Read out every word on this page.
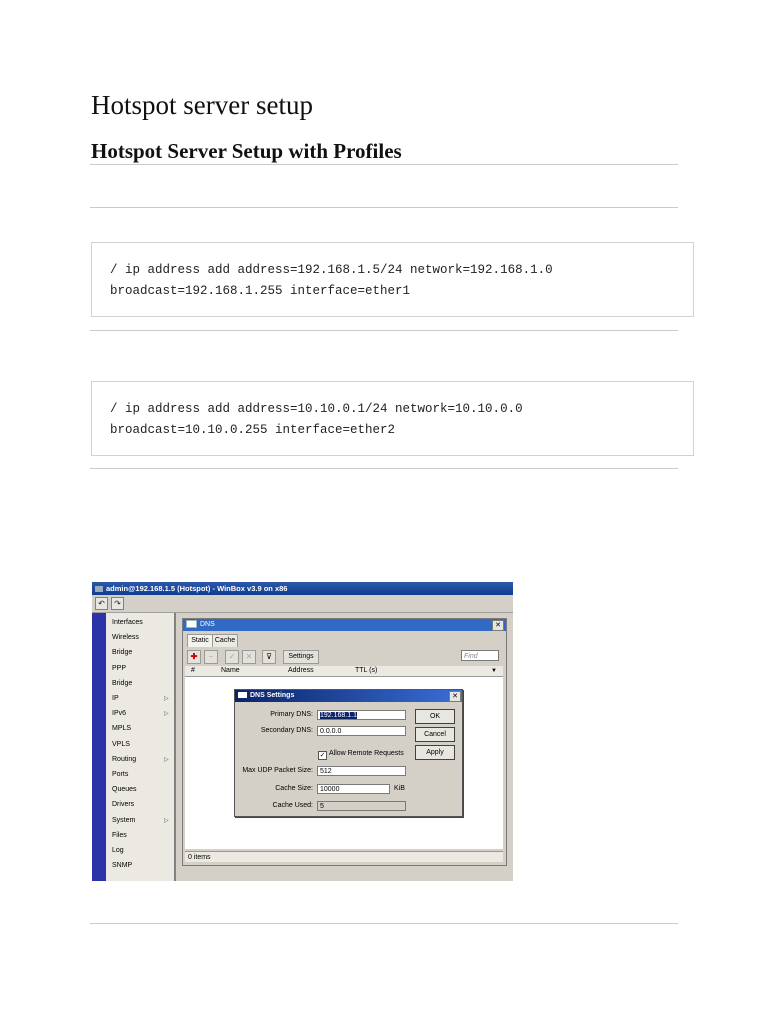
Hotspot server setup
Hotspot Server Setup with Profiles
/ ip address add address=192.168.1.5/24 network=192.168.1.0
broadcast=192.168.1.255 interface=ether1
/ ip address add address=10.10.0.1/24 network=10.10.0.0
broadcast=10.10.0.255 interface=ether2
admin@192.168.1.5 (Hotspot) - WinBox v3.9 on x86
↶	↷
Interfaces
Wireless
Bridge
PPP
Bridge
IP	▷
IPv6	▷
MPLS
VPLS
Routing	▷
Ports
Queues
Drivers
System	▷
Files
Log
SNMP
DNS	✕
Static Cache
✚	−	✓	✕	⊽	Settings	Find
#	Name	Address	TTL (s)	▼
0 items
DNS Settings	✕
Primary DNS:	192.168.1.1
Secondary DNS:	0.0.0.0
✓ Allow Remote Requests
Max UDP Packet Size:	512
Cache Size:	10000	KiB
Cache Used:	5
OK
Cancel
Apply
